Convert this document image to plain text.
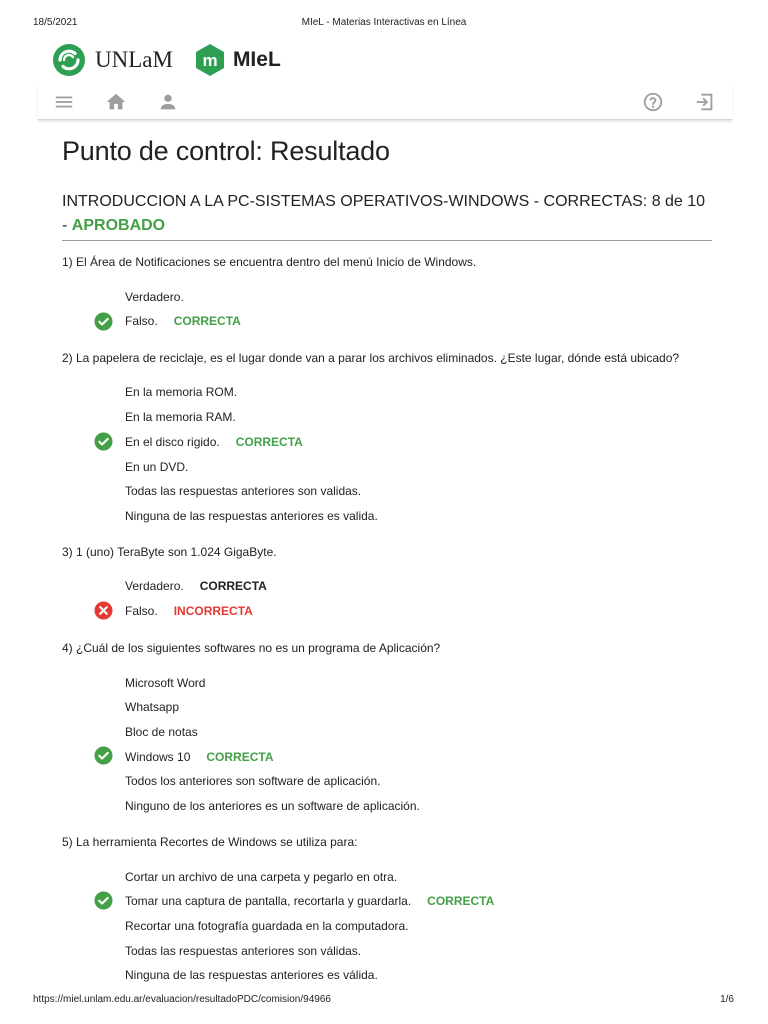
18/5/2021	MIeL - Materias Interactivas en Línea
UNLaM m MIeL
Punto de control: Resultado
INTRODUCCION A LA PC-SISTEMAS OPERATIVOS-WINDOWS - CORRECTAS: 8 de 10 - APROBADO
1) El Área de Notificaciones se encuentra dentro del menú Inicio de Windows.
Verdadero.
Falso. CORRECTA
2) La papelera de reciclaje, es el lugar donde van a parar los archivos eliminados. ¿Este lugar, dónde está ubicado?
En la memoria ROM.
En la memoria RAM.
En el disco rigido. CORRECTA
En un DVD.
Todas las respuestas anteriores son validas.
Ninguna de las respuestas anteriores es valida.
3) 1 (uno) TeraByte son 1.024 GigaByte.
Verdadero. CORRECTA
Falso. INCORRECTA
4) ¿Cuál de los siguientes softwares no es un programa de Aplicación?
Microsoft Word
Whatsapp
Bloc de notas
Windows 10 CORRECTA
Todos los anteriores son software de aplicación.
Ninguno de los anteriores es un software de aplicación.
5) La herramienta Recortes de Windows se utiliza para:
Cortar un archivo de una carpeta y pegarlo en otra.
Tomar una captura de pantalla, recortarla y guardarla. CORRECTA
Recortar una fotografía guardada en la computadora.
Todas las respuestas anteriores son válidas.
Ninguna de las respuestas anteriores es válida.
https://miel.unlam.edu.ar/evaluacion/resultadoPDC/comision/94966	1/6
